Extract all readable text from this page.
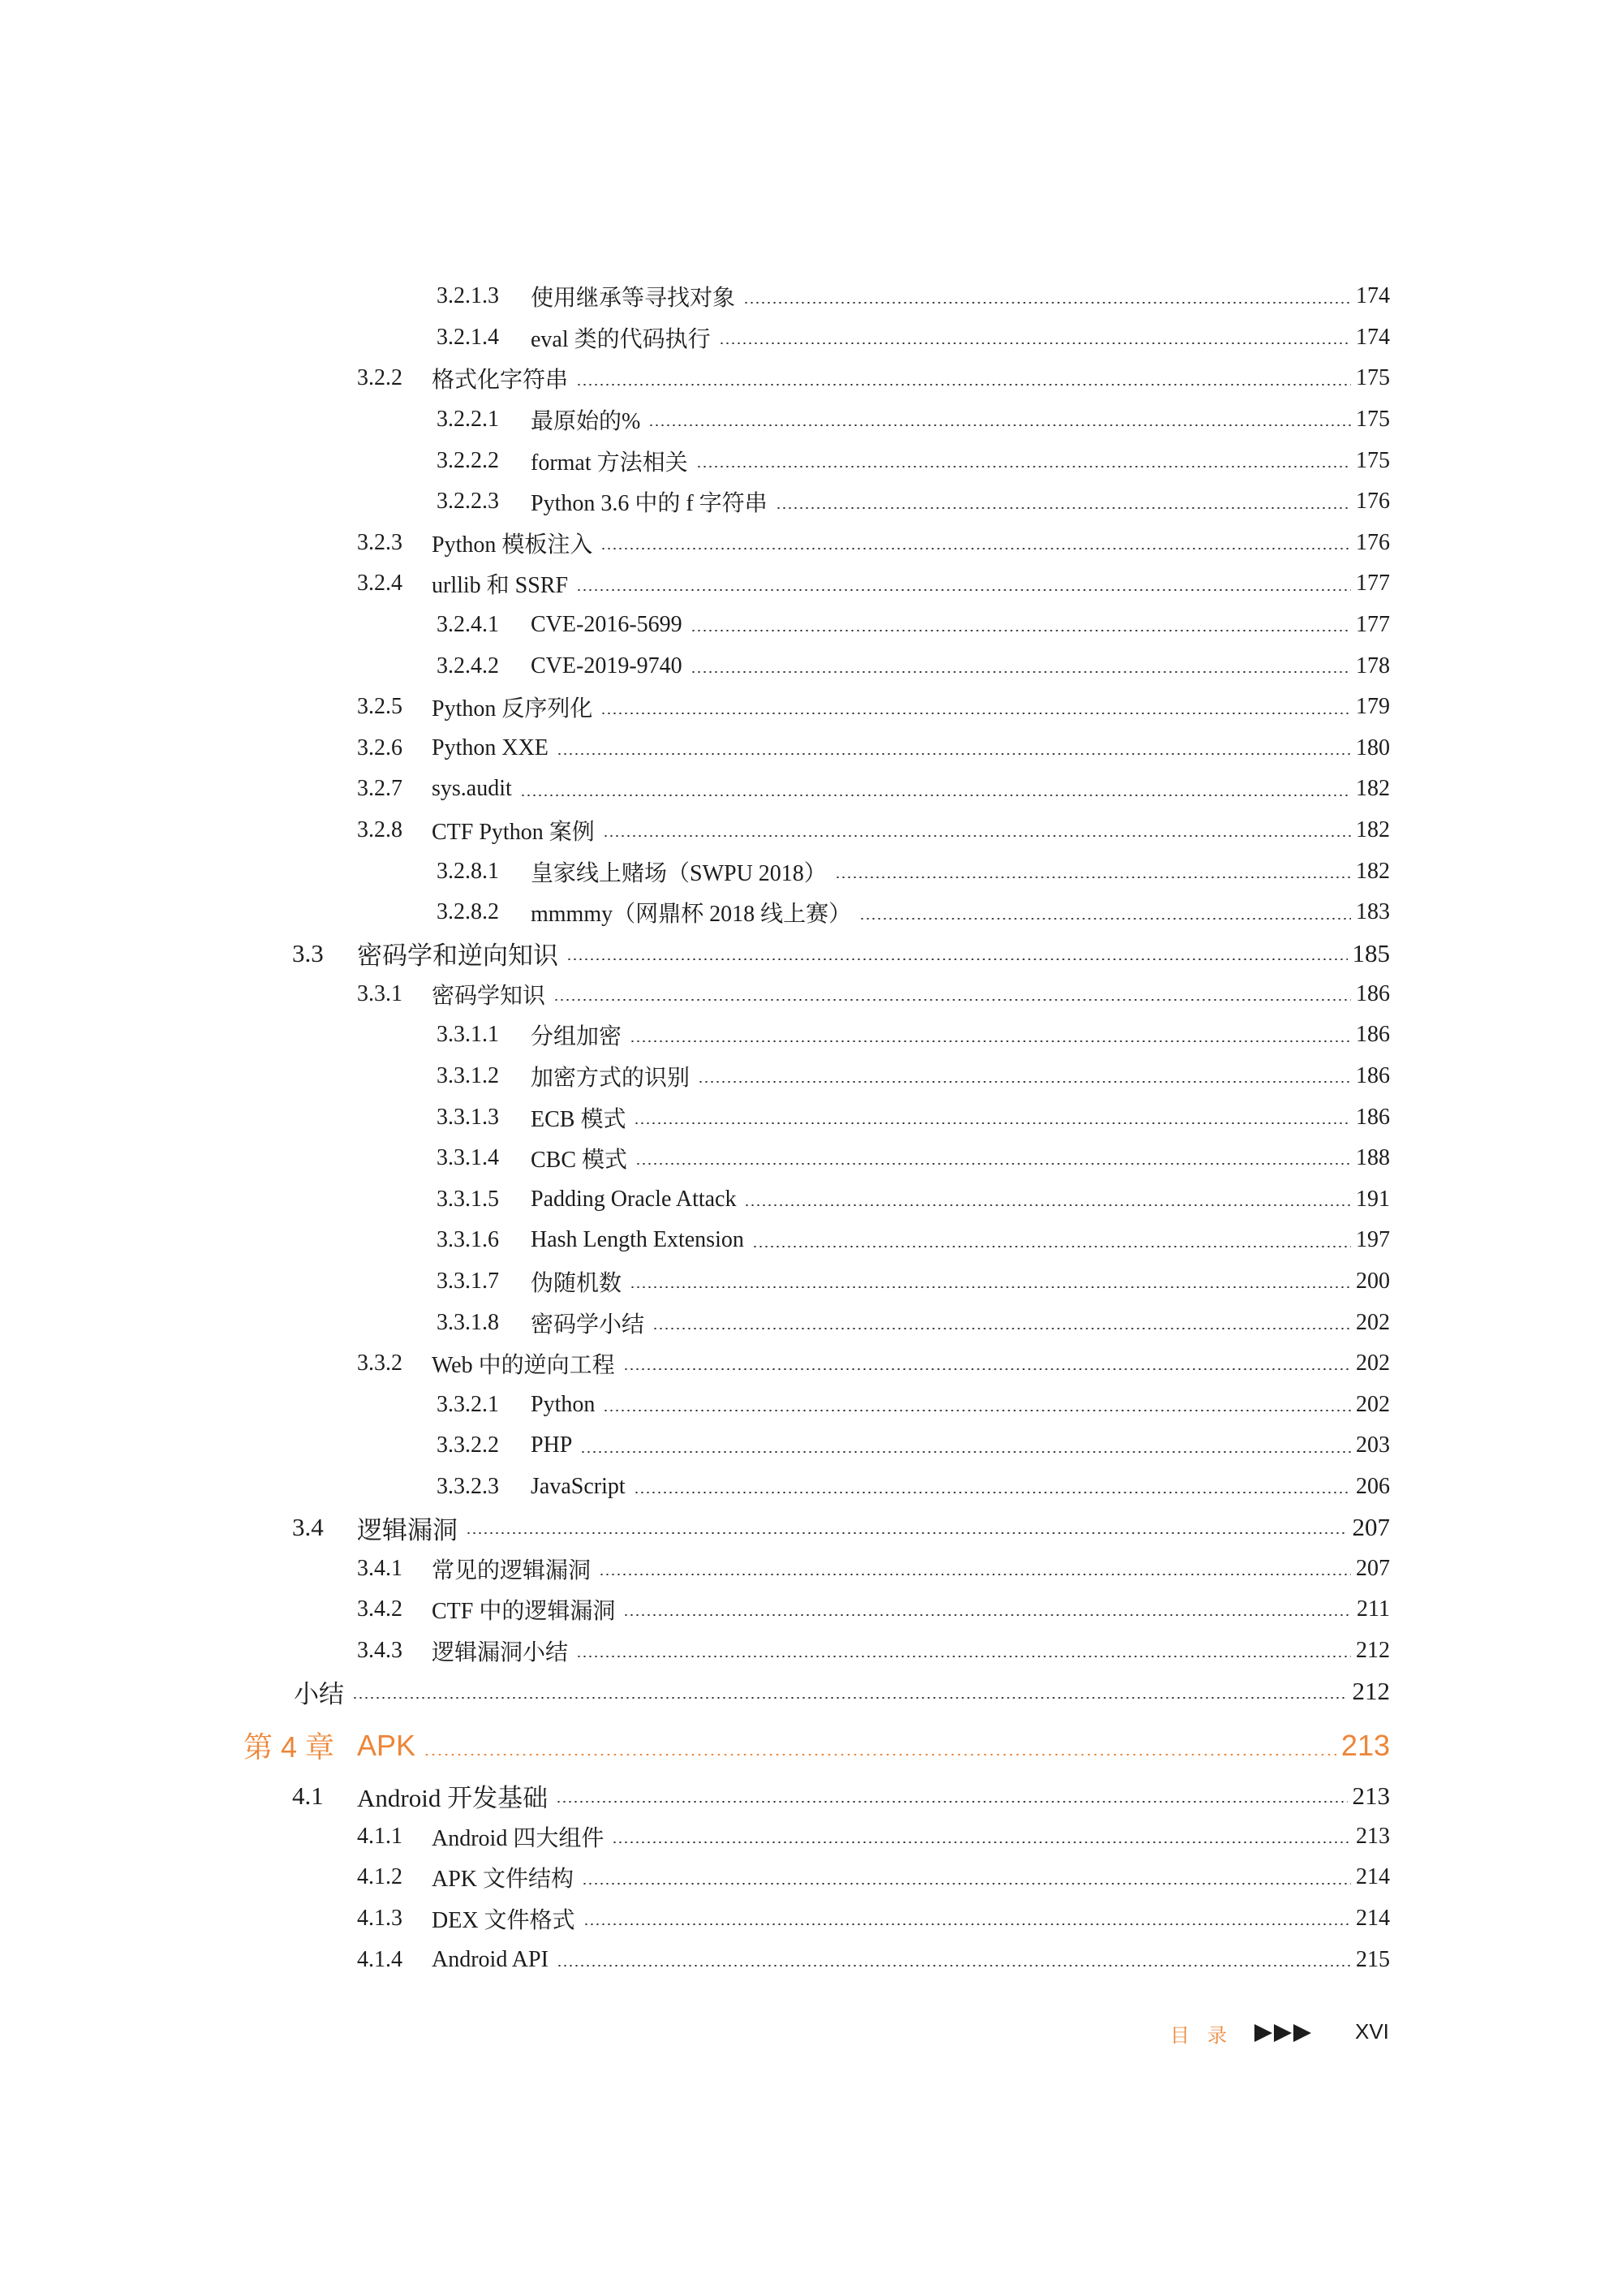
3.2.1.3 使用继承等寻找对象	174
3.2.1.4 eval 类的代码执行	174
3.2.2 格式化字符串	175
3.2.2.1 最原始的%	175
3.2.2.2 format 方法相关	175
3.2.2.3 Python 3.6 中的 f 字符串	176
3.2.3 Python 模板注入	176
3.2.4 urllib 和 SSRF	177
3.2.4.1 CVE-2016-5699	177
3.2.4.2 CVE-2019-9740	178
3.2.5 Python 反序列化	179
3.2.6 Python XXE	180
3.2.7 sys.audit	182
3.2.8 CTF Python 案例	182
3.2.8.1 皇家线上赌场（SWPU 2018）	182
3.2.8.2 mmmmy（网鼎杯 2018 线上赛）	183
3.3 密码学和逆向知识	185
3.3.1 密码学知识	186
3.3.1.1 分组加密	186
3.3.1.2 加密方式的识别	186
3.3.1.3 ECB 模式	186
3.3.1.4 CBC 模式	188
3.3.1.5 Padding Oracle Attack	191
3.3.1.6 Hash Length Extension	197
3.3.1.7 伪随机数	200
3.3.1.8 密码学小结	202
3.3.2 Web 中的逆向工程	202
3.3.2.1 Python	202
3.3.2.2 PHP	203
3.3.2.3 JavaScript	206
3.4 逻辑漏洞	207
3.4.1 常见的逻辑漏洞	207
3.4.2 CTF 中的逻辑漏洞	211
3.4.3 逻辑漏洞小结	212
小结	212
第 4 章 APK	213
4.1 Android 开发基础	213
4.1.1 Android 四大组件	213
4.1.2 APK 文件结构	214
4.1.3 DEX 文件格式	214
4.1.4 Android API	215
目录	XVI
